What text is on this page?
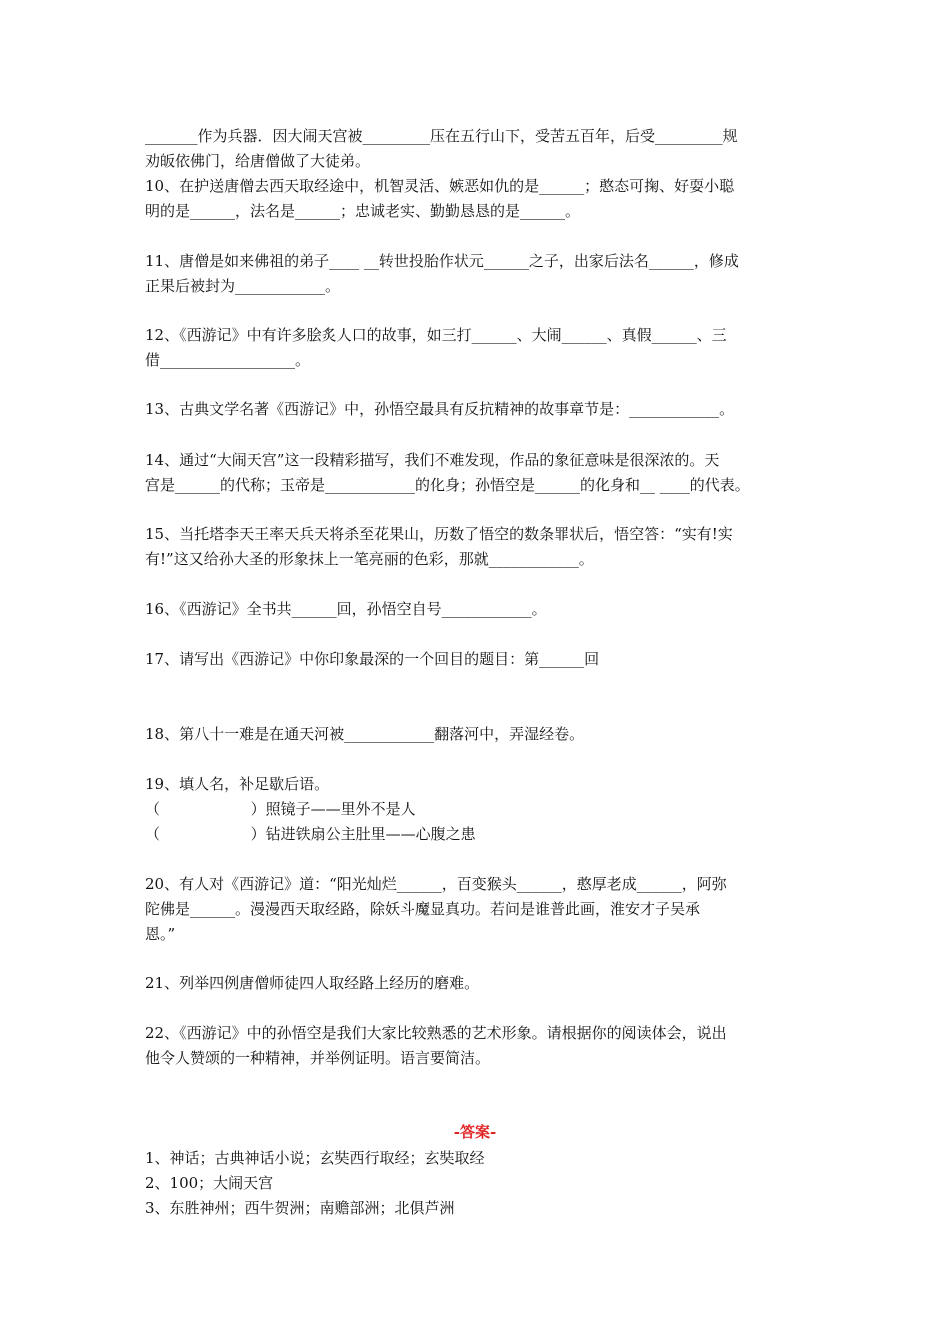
_______作为兵器．因大闹天宫被_________压在五行山下，受苦五百年，后受_________规

劝皈依佛门，给唐僧做了大徒弟。

10、在护送唐僧去西天取经途中，机智灵活、嫉恶如仇的是______；憨态可掬、好耍小聪

明的是______，法名是______；忠诚老实、勤勤恳恳的是______。

11、唐僧是如来佛祖的弟子____ __转世投胎作状元______之子，出家后法名______，修成

正果后被封为____________。

12、《西游记》中有许多脍炙人口的故事，如三打______、大闹______、真假______、三

借__________________。

13、古典文学名著《西游记》中，孙悟空最具有反抗精神的故事章节是：____________。

14、通过“大闹天宫”这一段精彩描写，我们不难发现，作品的象征意味是很深浓的。天

宫是______的代称；玉帝是____________的化身；孙悟空是______的化身和__ ____的代表。

15、当托塔李天王率天兵天将杀至花果山，历数了悟空的数条罪状后，悟空答：“实有!实

有!”这又给孙大圣的形象抹上一笔亮丽的色彩，那就____________。

16、《西游记》全书共______回，孙悟空自号____________。

17、请写出《西游记》中你印象最深的一个回目的题目：第______回

18、第八十一难是在通天河被____________翻落河中，弄湿经卷。

19、填人名，补足歇后语。

（                   ）照镜子——里外不是人

（                   ）钻进铁扇公主肚里——心腹之患

20、有人对《西游记》道：“阳光灿烂______，百变猴头______，憨厚老成______，阿弥

陀佛是______。漫漫西天取经路，除妖斗魔显真功。若问是谁普此画，淮安才子吴承

恩。”

21、列举四例唐僧师徒四人取经路上经历的磨难。

22、《西游记》中的孙悟空是我们大家比较熟悉的艺术形象。请根据你的阅读体会，说出

他令人赞颂的一种精神，并举例证明。语言要简洁。

-答案-

1、神话；古典神话小说；玄奘西行取经；玄奘取经

2、100；大闹天宫

3、东胜神州；西牛贺洲；南赡部洲；北俱芦洲
